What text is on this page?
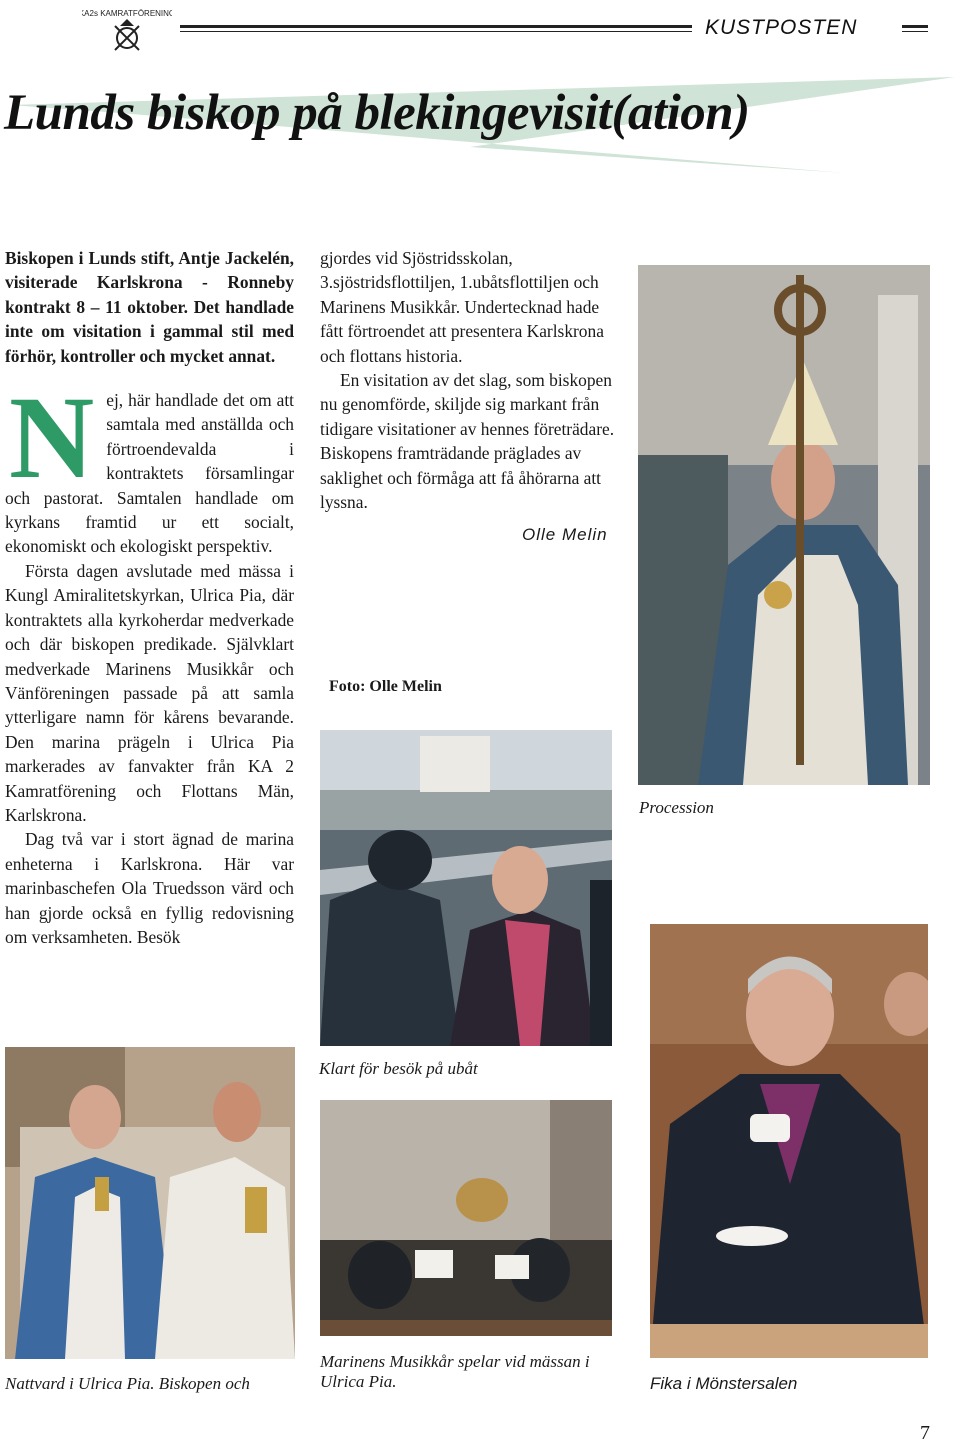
KA2s KAMRATFÖRENING
KUSTPOSTEN
Lunds biskop på blekingevisit(ation)

Biskopen i Lunds stift, Antje Jackelén, visiterade Karlskrona - Ronneby kontrakt 8 – 11 oktober. Det handlade inte om visitation i gammal stil med förhör, kontroller och mycket annat.

Nej, här handlade det om att samtala med anställda och förtroendevalda i kontraktets församlingar och pastorat. Samtalen handlade om kyrkans framtid ur ett socialt, ekonomiskt och ekologiskt perspektiv.

Första dagen avslutade med mässa i Kungl Amiralitetskyrkan, Ulrica Pia, där kontraktets alla kyrkoherdar medverkade och där biskopen predikade. Självklart medverkade Marinens Musikkår och Vänföreningen passade på att samla ytterligare namn för kårens bevarande. Den marina prägeln i Ulrica Pia markerades av fanvakter från KA 2 Kamratförening och Flottans Män, Karlskrona.

Dag två var i stort ägnad de marina enheterna i Karlskrona. Här var marinbaschefen Ola Truedsson värd och han gjorde också en fyllig redovisning om verksamheten. Besök

gjordes vid Sjöstridsskolan, 3.sjöstridsflottiljen, 1.ubåtsflottiljen och Marinens Musikkår. Undertecknad hade fått förtroendet att presentera Karlskrona och flottans historia.

En visitation av det slag, som biskopen nu genomförde, skiljde sig markant från tidigare visitationer av hennes företrädare. Biskopens framträdande präglades av saklighet och förmåga att få åhörarna att lyssna.

Olle Melin
Foto: Olle Melin
Procession
Klart för besök på ubåt
Nattvard i Ulrica Pia. Biskopen och
Marinens Musikkår spelar vid mässan i Ulrica Pia.	Fika i Mönstersalen
7
